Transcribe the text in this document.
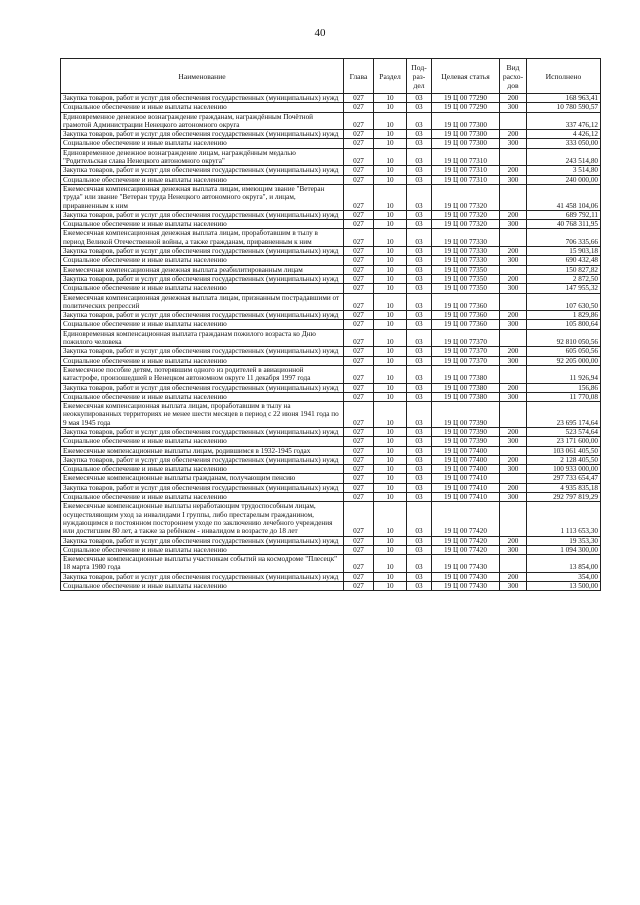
40
Наименование	Глава	Раздел	Под-раз-дел	Целевая статья	Вид расхо-дов	Исполнено
Закупка товаров, работ и услуг для обеспечения государственных (муниципальных) нужд	027	10	03	19 Ц 00 77290	200	168 963,41
Социальное обеспечение и иные выплаты населению	027	10	03	19 Ц 00 77290	300	10 780 590,57
Единовременное денежное вознаграждение гражданам, награждённым Почётной грамотой Администрации Ненецкого автономного округа	027	10	03	19 Ц 00 77300		337 476,12
Закупка товаров, работ и услуг для обеспечения государственных (муниципальных) нужд	027	10	03	19 Ц 00 77300	200	4 426,12
Социальное обеспечение и иные выплаты населению	027	10	03	19 Ц 00 77300	300	333 050,00
Единовременное денежное вознаграждение лицам, награждённым медалью "Родительская слава Ненецкого автономного округа"	027	10	03	19 Ц 00 77310		243 514,80
Закупка товаров, работ и услуг для обеспечения государственных (муниципальных) нужд	027	10	03	19 Ц 00 77310	200	3 514,80
Социальное обеспечение и иные выплаты населению	027	10	03	19 Ц 00 77310	300	240 000,00
Ежемесячная компенсационная денежная выплата лицам, имеющим звание "Ветеран труда" или звание "Ветеран труда Ненецкого автономного округа", и лицам, приравненным к ним	027	10	03	19 Ц 00 77320		41 458 104,06
Закупка товаров, работ и услуг для обеспечения государственных (муниципальных) нужд	027	10	03	19 Ц 00 77320	200	689 792,11
Социальное обеспечение и иные выплаты населению	027	10	03	19 Ц 00 77320	300	40 768 311,95
Ежемесячная компенсационная денежная выплата лицам, проработавшим в тылу в период Великой Отечественной войны, а также гражданам, приравненным к ним	027	10	03	19 Ц 00 77330		706 335,66
Закупка товаров, работ и услуг для обеспечения государственных (муниципальных) нужд	027	10	03	19 Ц 00 77330	200	15 903,18
Социальное обеспечение и иные выплаты населению	027	10	03	19 Ц 00 77330	300	690 432,48
Ежемесячная компенсационная денежная выплата реабилитированным лицам	027	10	03	19 Ц 00 77350		150 827,82
Закупка товаров, работ и услуг для обеспечения государственных (муниципальных) нужд	027	10	03	19 Ц 00 77350	200	2 872,50
Социальное обеспечение и иные выплаты населению	027	10	03	19 Ц 00 77350	300	147 955,32
Ежемесячная компенсационная денежная выплата лицам, признанным пострадавшими от политических репрессий	027	10	03	19 Ц 00 77360		107 630,50
Закупка товаров, работ и услуг для обеспечения государственных (муниципальных) нужд	027	10	03	19 Ц 00 77360	200	1 829,86
Социальное обеспечение и иные выплаты населению	027	10	03	19 Ц 00 77360	300	105 800,64
Единовременная компенсационная выплата гражданам пожилого возраста ко Дню пожилого человека	027	10	03	19 Ц 00 77370		92 810 050,56
Закупка товаров, работ и услуг для обеспечения государственных (муниципальных) нужд	027	10	03	19 Ц 00 77370	200	605 050,56
Социальное обеспечение и иные выплаты населению	027	10	03	19 Ц 00 77370	300	92 205 000,00
Ежемесячное пособие детям, потерявшим одного из родителей в авиационной катастрофе, произошедшей в Ненецком автономном округе 11 декабря 1997 года	027	10	03	19 Ц 00 77380		11 926,94
Закупка товаров, работ и услуг для обеспечения государственных (муниципальных) нужд	027	10	03	19 Ц 00 77380	200	156,86
Социальное обеспечение и иные выплаты населению	027	10	03	19 Ц 00 77380	300	11 770,08
Ежемесячная компенсационная выплата лицам, проработавшим в тылу на неоккупированных территориях не менее шести месяцев в период с 22 июня 1941 года по 9 мая 1945 года	027	10	03	19 Ц 00 77390		23 695 174,64
Закупка товаров, работ и услуг для обеспечения государственных (муниципальных) нужд	027	10	03	19 Ц 00 77390	200	523 574,64
Социальное обеспечение и иные выплаты населению	027	10	03	19 Ц 00 77390	300	23 171 600,00
Ежемесячные компенсационные выплаты лицам, родившимся в 1932-1945 годах	027	10	03	19 Ц 00 77400		103 061 405,50
Закупка товаров, работ и услуг для обеспечения государственных (муниципальных) нужд	027	10	03	19 Ц 00 77400	200	2 128 405,50
Социальное обеспечение и иные выплаты населению	027	10	03	19 Ц 00 77400	300	100 933 000,00
Ежемесячные компенсационные выплаты гражданам, получающим пенсию	027	10	03	19 Ц 00 77410		297 733 654,47
Закупка товаров, работ и услуг для обеспечения государственных (муниципальных) нужд	027	10	03	19 Ц 00 77410	200	4 935 835,18
Социальное обеспечение и иные выплаты населению	027	10	03	19 Ц 00 77410	300	292 797 819,29
Ежемесячные компенсационные выплаты неработающим трудоспособным лицам, осуществляющим уход за инвалидами I группы, либо престарелым гражданином, нуждающимся в постоянном постороннем уходе по заключению лечебного учреждения или достигшим 80 лет, а также за ребёнком - инвалидом в возрасте до 18 лет	027	10	03	19 Ц 00 77420		1 113 653,30
Закупка товаров, работ и услуг для обеспечения государственных (муниципальных) нужд	027	10	03	19 Ц 00 77420	200	19 353,30
Социальное обеспечение и иные выплаты населению	027	10	03	19 Ц 00 77420	300	1 094 300,00
Ежемесячные компенсационные выплаты участникам событий на космодроме "Плесецк" 18 марта 1980 года	027	10	03	19 Ц 00 77430		13 854,00
Закупка товаров, работ и услуг для обеспечения государственных (муниципальных) нужд	027	10	03	19 Ц 00 77430	200	354,00
Социальное обеспечение и иные выплаты населению	027	10	03	19 Ц 00 77430	300	13 500,00
